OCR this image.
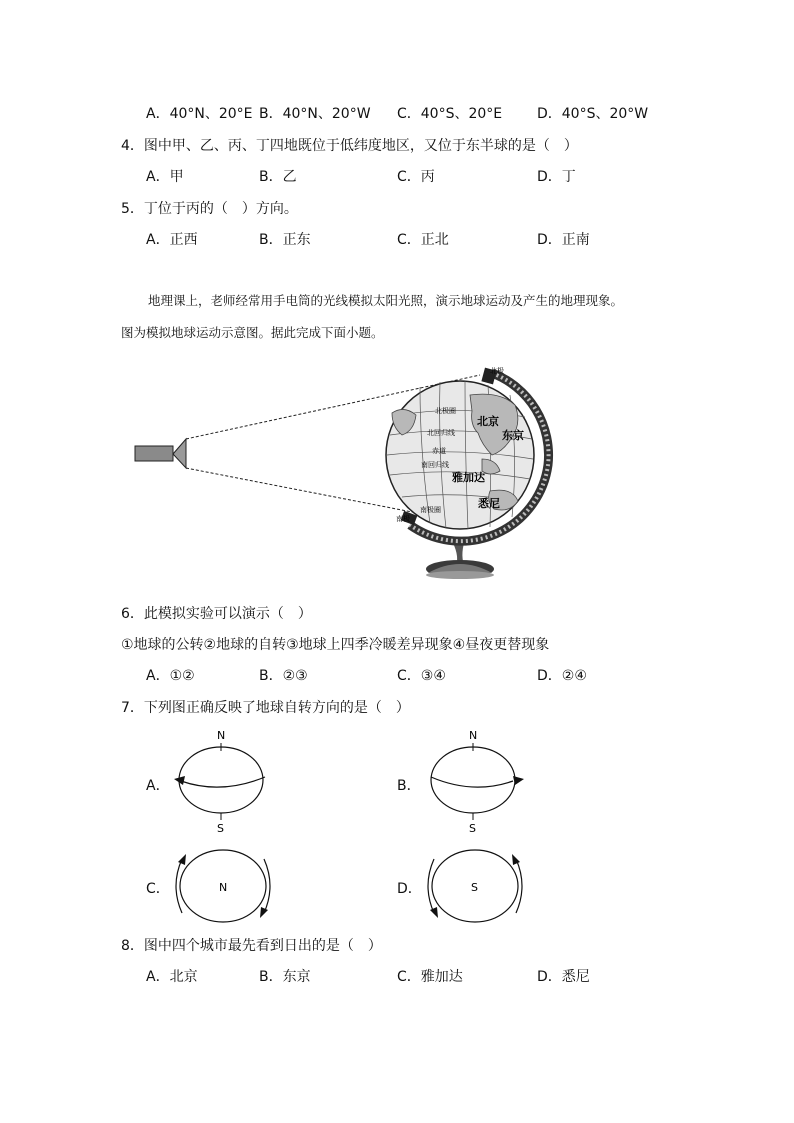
A．40°N、20°E B．40°N、20°W C．40°S、20°E D．40°S、20°W
4．图中甲、乙、丙、丁四地既位于低纬度地区，又位于东半球的是（　）
A．甲	B．乙	C．丙	D．丁
5．丁位于丙的（　）方向。
A．正西	B．正东	C．正北	D．正南
地理课上，老师经常用手电筒的光线模拟太阳光照，演示地球运动及产生的地理现象。
图为模拟地球运动示意图。据此完成下面小题。
北极
北极圈
北回归线
赤道
南回归线
南极圈
南极
北京
东京
雅加达
悉尼
6．此模拟实验可以演示（　）
①地球的公转②地球的自转③地球上四季冷暖差异现象④昼夜更替现象
A．①②	B．②③	C．③④	D．②④
7．下列图正确反映了地球自转方向的是（　）
A．
N
S
B．
N
S
C．	N	D．	S
8．图中四个城市最先看到日出的是（　）
A．北京	B．东京	C．雅加达	D．悉尼
